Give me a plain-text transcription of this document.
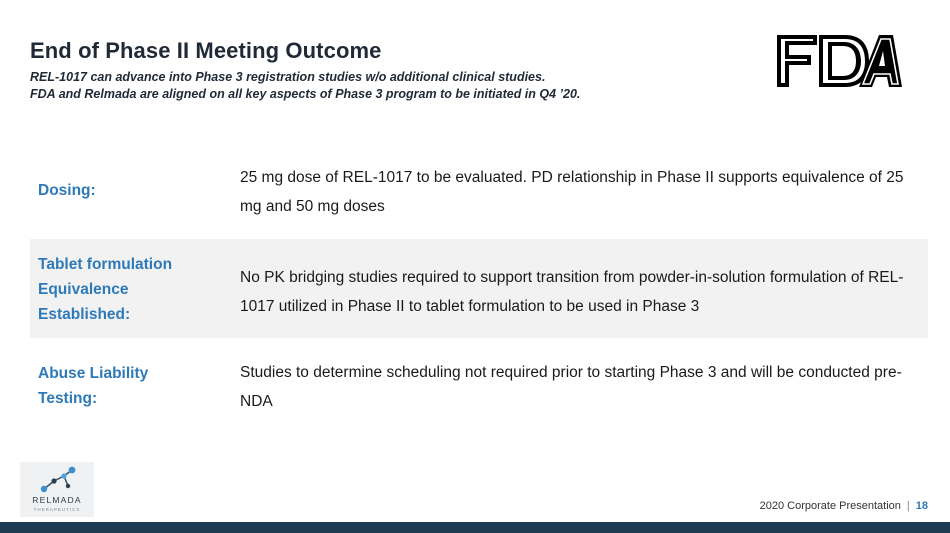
End of Phase II Meeting Outcome
REL-1017 can advance into Phase 3 registration studies w/o additional clinical studies.
FDA and Relmada are aligned on all key aspects of Phase 3 program to be initiated in Q4 ’20.
Dosing:
25 mg dose of REL-1017 to be evaluated. PD relationship in Phase II supports equivalence of 25 mg and 50 mg doses
Tablet formulation
Equivalence
Established:
No PK bridging studies required to support transition from powder-in-solution formulation of REL-1017 utilized in Phase II to tablet formulation to be used in Phase 3
Abuse Liability
Testing:
Studies to determine scheduling not required prior to starting Phase 3 and will be conducted pre-NDA
RELMADA
THERAPEUTICS	2020 Corporate Presentation | 18
